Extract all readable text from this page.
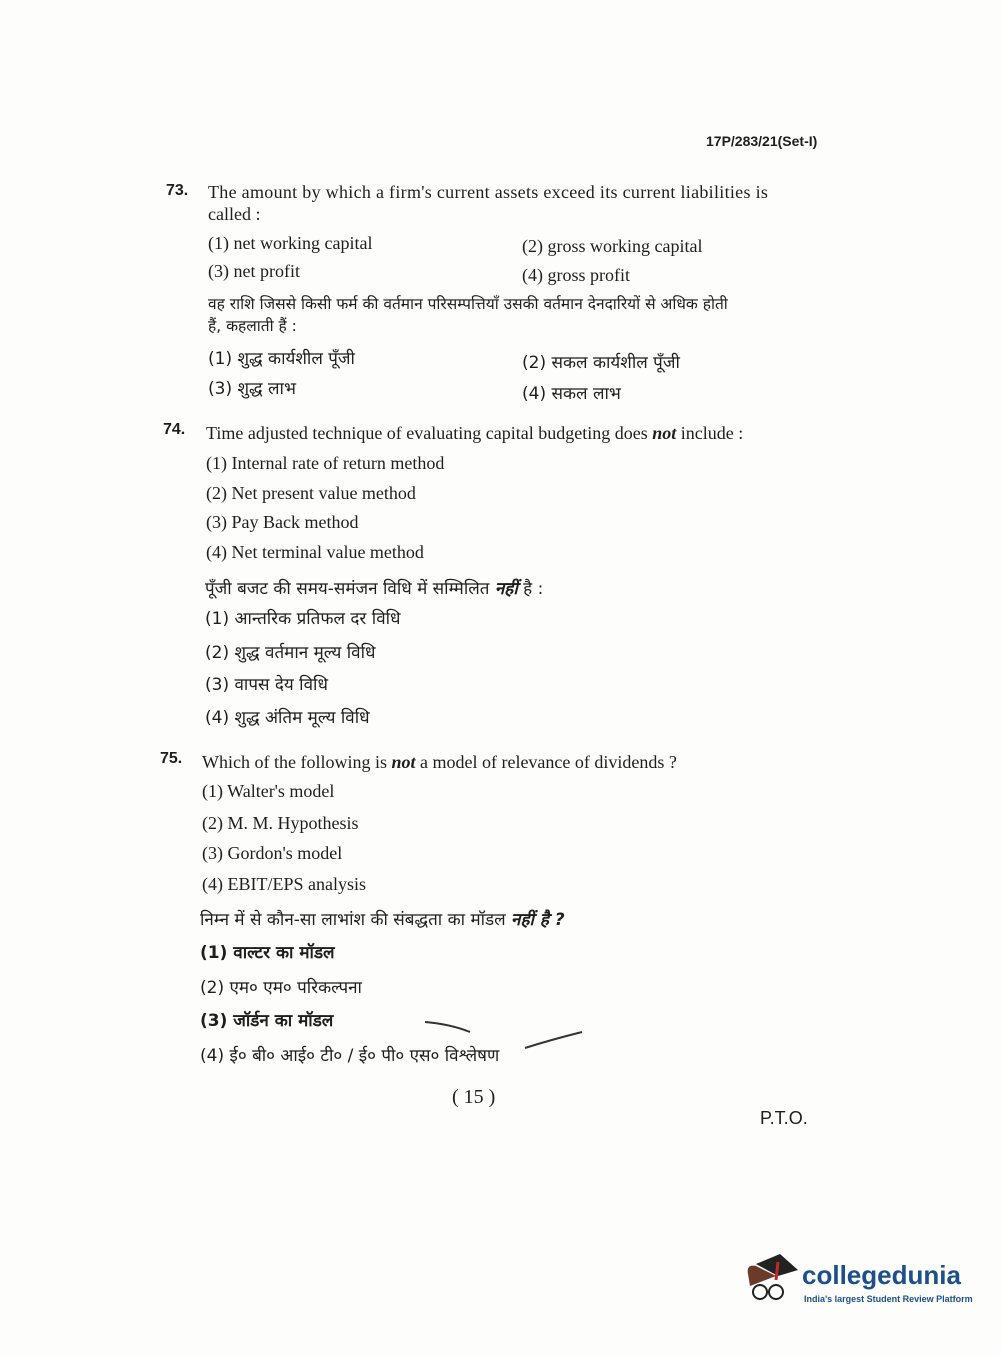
17P/283/21(Set-I)
73. The amount by which a firm's current assets exceed its current liabilities is
called :
(1) net working capital	(2) gross working capital
(3) net profit	(4) gross profit
वह राशि जिससे किसी फर्म की वर्तमान परिसम्पत्तियाँ उसकी वर्तमान देनदारियों से अधिक होती
हैं, कहलाती हैं :
(1) शुद्ध कार्यशील पूँजी	(2) सकल कार्यशील पूँजी
(3) शुद्ध लाभ	(4) सकल लाभ
74. Time adjusted technique of evaluating capital budgeting does not include :
(1) Internal rate of return method
(2) Net present value method
(3) Pay Back method
(4) Net terminal value method
पूँजी बजट की समय-समंजन विधि में सम्मिलित नहीं है :
(1) आन्तरिक प्रतिफल दर विधि
(2) शुद्ध वर्तमान मूल्य विधि
(3) वापस देय विधि
(4) शुद्ध अंतिम मूल्य विधि
75. Which of the following is not a model of relevance of dividends ?
(1) Walter's model
(2) M. M. Hypothesis
(3) Gordon's model
(4) EBIT/EPS analysis
निम्न में से कौन-सा लाभांश की संबद्धता का मॉडल नहीं है ?
(1) वाल्टर का मॉडल
(2) एम० एम० परिकल्पना
(3) जॉर्डन का मॉडल
(4) ई० बी० आई० टी० / ई० पी० एस० विश्लेषण
( 15 )
P.T.O.
collegedunia
India's largest Student Review Platform
